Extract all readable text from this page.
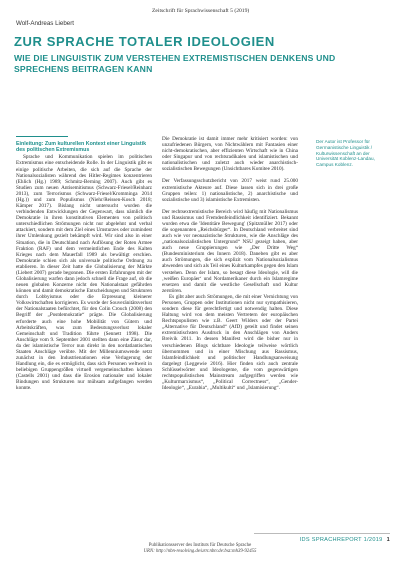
Zeitschrift für Sprachwissenschaft 5 (2019)
Wolf-Andreas Liebert
ZUR SPRACHE TOTALER IDEOLOGIEN
WIE DIE LINGUISTIK ZUM VERSTEHEN EXTREMISTISCHEN DENKENS UND SPRECHENS BEITRAGEN KANN
Der Autor ist Professor für Germanistische Linguistik / Kulturwissenschaft an der Universität Koblenz-Landau, Campus Koblenz.

Einleitung: Zum kulturellen Kontext einer Linguistik des politischen Extremismus

Sprache und Kommunikation spielen im politischen Extremismus eine entscheidende Rolle. In der Linguistik gibt es einige politische Arbeiten, die sich auf die Sprache der Nationalsozialisten während des Hitler-Regimes konzentrieren (Ehlich (Hg.) 1989; Schmitz-Berning 2007). Auch gibt es Studien zum neuen Antisemitismus (Schwarz-Friesel/Reinharz 2013), zum Terrorismus (Schwarz-Friesel/Kromminga 2014 (Hg.)) und zum Populismus (Niehr/Reissen-Kosch 2018; Kämper 2017). Bislang nicht untersucht wurden die verbindenden Entwicklungen der Gegenwart, dass nämlich die Demokratie in ihren konstitutiven Elementen von politisch unterschiedlichen Strömungen nicht nur abgelehnt und verbal attackiert, sondern mit dem Ziel eines Umsturzes oder zumindest ihrer Umlenkung gezielt bekämpft wird. Wir sind also in einer Situation, die in Deutschland nach Auflösung der Roten Armee Fraktion (RAF) und dem vermeintlichen Ende des Kalten Krieges nach dem Mauerfall 1989 als bewältigt erschien. Demokratie schien sich als universale politische Ordnung zu etablieren. In dieser Zeit hatte die Globalisierung der Märkte (Liebert 2007) gerade begonnen. Die ersten Erfahrungen mit der Globalisierung warfen dann jedoch schnell die Frage auf, ob die neuen globalen Konzerne nicht den Nationalstaat gefährden können und damit demokratische Entscheidungen und Strukturen durch Lobbyismus oder die Erpressung kleinerer Volkswirtschaften korrigieren. Es wurde der Souveränitätsverlust der Nationalstaaten befürchtet, für den Colin Crouch (2008) den Begriff der „Postdemokratie“ prägte. Die Globalisierung erforderte auch eine hohe Mobilität von Gütern und Arbeitskräften, was zum Bedeutungsverlust lokaler Gemeinschaft und Tradition führte (Sennett 1998). Die Anschläge vom 9. September 2001 stellten dann eine Zäsur dar, da der islamistische Terror nun direkt in den nordatlantischen Staaten Anschläge verübte. Mit der Millenniumswende setzt zunächst in den Industrienationen eine Verlagerung der Handlung ein, die es ermöglicht, dass sich Personen weltweit in beliebigen Gruppengrößen virtuell vergemeinschaften können (Castells 2001) und dass die Erosion nationaler und lokaler Bindungen und Strukturen nur mühsam aufgefangen werden konnte.

Die Demokratie ist damit immer mehr kritisiert worden: von unzufriedenen Bürgern, von Nichtwählern mit Fantasien einer nicht-demokratischen, aber effizienten Wirtschaft wie in China oder Singapur und von rechtsradikalen und islamistischen und nationalistischen und zuletzt auch wieder anarchistisch-sozialistischen Bewegungen (Unsichtbares Komitee 2010).

Der Verfassungsschutzbericht von 2017 weist rund 25.000 extremistische Akteure auf. Diese lassen sich in drei große Gruppen teilen: 1) nationalistische, 2) anarchistische und sozialistische und 3) islamistische Extremisten.

Der rechtsextremistische Bereich wird häufig mit Nationalismus und Rassismus und Fremdenfeindlichkeit identifiziert. Bekannt wurden etwa die 'Identitäre Bewegung' (Spitzmüller 2017) oder die sogenannten „Reichsbürger“. In Deutschland verbreitet sind auch wie vor neonazistische Strukturen, wie die Anschläge des „nationalsozialistischen Untergrund“ NSU gezeigt haben, aber auch neue Gruppierungen wie „Der Dritte Weg“ (Bundesministerium des Innern 2018). Daneben gibt es aber auch Strömungen, die sich explizit vom Nationalsozialismus abwenden und sich als Teil eines Kulturkampfes gegen den Islam verstehen. Denn der Islam, so besagt diese Ideologie, will die ‚weißen Europäer‘ und Nordamerikaner durch ein Islamregime ersetzen und damit die westliche Gesellschaft und Kultur zerstören.

Es gibt aber auch Strömungen, die mit einer Vernichtung von Personen, Gruppen oder Institutionen nicht nur sympathisieren, sondern diese für gerechtfertigt und notwendig halten. Diese Haltung wird von dem meisten Vertretern der europäischen Rechtspopulisten wie z.B. Geert Wilders oder der Partei „Alternative für Deutschland“ (AfD) geteilt und findet seinen extremistischsten Ausdruck in den Anschlägen von Anders Breivik 2011. In dessen Manifest wird die bisher nur in verschiedenen Blogs sichtbare Ideologie teilweise wörtlich übernommen und in einer Mischung aus Rassismus, Islamfeindlichkeit und politischer Handlungsanweisung dargelegt (Leggewie 2016). Hier finden sich auch zentrale Schlüsselwörter und Ideologeme, die vom gegenwärtigen rechtspopulistischen Mainstream aufgegriffen werden wie „Kulturmarxismus“, „Political Correctness“, „Gender-Ideologie“, „Eurabia“, „Multikulti“ und „Islamisierung“.

IDS SPRACHREPORT 1/2019 1
Publikationsserver des Instituts für Deutsche Sprache
URN: http://nbn-resolving.de/urn:nbn:de:bsz:mh39-92455
